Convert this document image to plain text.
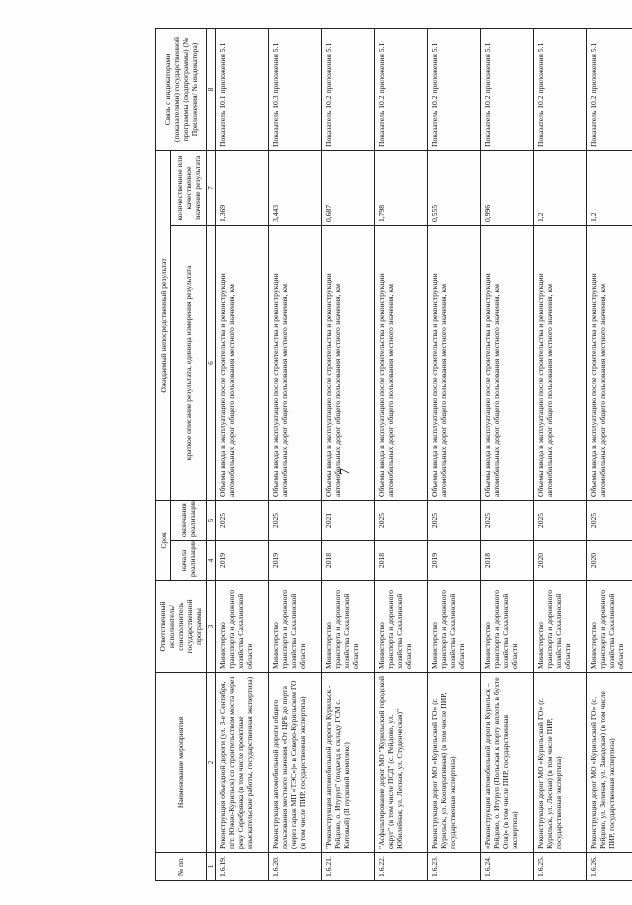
7
№ пп.	Наименование мероприятия	Ответственный исполнитель/соисполнитель государственной программы	Срок		Ожидаемый непосредственный результат		Связь с индикаторами (показателями) государственной программы (подпрограммы) (№ Приложения/ № индикатора)
			начала реализации	окончания реализации	краткое описание результата, единица измерения результата	количественное или качественное значение результата	
1	2	3	4	5	6	7	8
1.6.19.	Реконструкция объездной дороги (ул. 3-е Сентября, пгт. Южно-Курильск) со строительством моста через реку Серебрянка (в том числе проектные изыскательские работы, государственная экспертиза)	Министерство транспорта и дорожного хозяйства Сахалинской области	2019	2025	Объемы ввода в эксплуатацию после строительства и реконструкции автомобильных дорог общего пользования местного значения, км	1,369	Показатель 10.1 приложения 5.1
1.6.20.	Реконструкция автомобильной дороги общего пользования местного значения «От ЦРБ до порта (через гараж МП «ТЭС»)» в Северо-Курильском ГО (в том числе ПИР, государственная экспертиза)	Министерство транспорта и дорожного хозяйства Сахалинской области	2019	2025	Объемы ввода в эксплуатацию после строительства и реконструкции автомобильных дорог общего пользования местного значения, км	3,443	Показатель 10.3 приложения 5.1
1.6.21.	"Реконструкция автомобильной дороги Курильск - Рейдово, о. Итуруп" (подъезд к складу ГСМ с. Китовый) (II пусковой комплекс)	Министерство транспорта и дорожного хозяйства Сахалинской области	2018	2021	Объемы ввода в эксплуатацию после строительства и реконструкции автомобильных дорог общего пользования местного значения, км	0,687	Показатель 10.2 приложения 5.1
1.6.22.	"Асфальтирование дорог МО "Курильский городской округ" (в том числе ПСД" (с. Рейдово, ул. Юбилейная, ул. Лесная, ул. Студенческая)"	Министерство транспорта и дорожного хозяйства Сахалинской области	2018	2025	Объемы ввода в эксплуатацию после строительства и реконструкции автомобильных дорог общего пользования местного значения, км	1,798	Показатель 10.2 приложения 5.1
1.6.23.	Реконструкция дорог МО «Курильский ГО» (г. Курильск, ул. Кооперативная) (в том числе ПИР, государственная экспертиза)	Министерство транспорта и дорожного хозяйства Сахалинской области	2019	2025	Объемы ввода в эксплуатацию после строительства и реконструкции автомобильных дорог общего пользования местного значения, км	0,555	Показатель 10.2 приложения 5.1
1.6.24.	«Реконструкция автомобильной дороги Курильск – Рейдово, о. Итуруп (Польская к порту вплоть в бухте Оля)» (в том числе ПИР, государственная экспертиза)	Министерство транспорта и дорожного хозяйства Сахалинской области	2018	2025	Объемы ввода в эксплуатацию после строительства и реконструкции автомобильных дорог общего пользования местного значения, км	0,996	Показатель 10.2 приложения 5.1
1.6.25.	Реконструкция дорог МО «Курильский ГО» (г. Курильск, ул. Лесная) (в том числе ПИР, государственная экспертиза)	Министерство транспорта и дорожного хозяйства Сахалинской области	2020	2025	Объемы ввода в эксплуатацию после строительства и реконструкции автомобильных дорог общего пользования местного значения, км	1,2	Показатель 10.2 приложения 5.1
1.6.26.	Реконструкция дорог МО «Курильский ГО» (с. Рейдово, ул. Зеленая, ул. Заводская) (в том числе ПИР, государственная экспертиза)	Министерство транспорта и дорожного хозяйства Сахалинской области	2020	2025	Объемы ввода в эксплуатацию после строительства и реконструкции автомобильных дорог общего пользования местного значения, км	1,2	Показатель 10.2 приложения 5.1
